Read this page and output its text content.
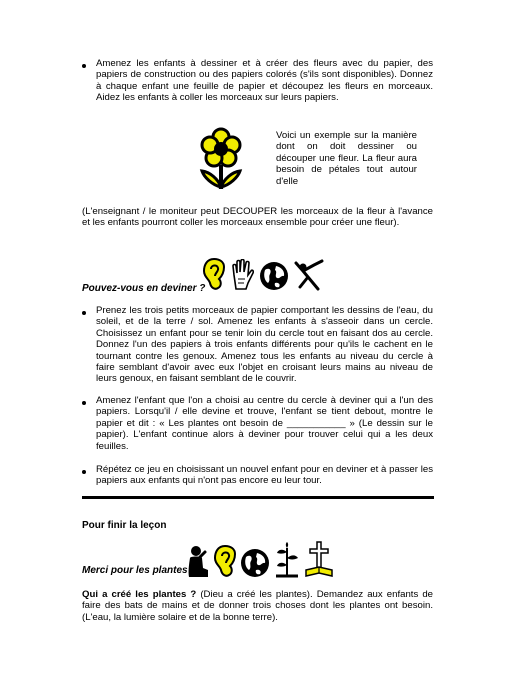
Amenez les enfants à dessiner et à créer des fleurs avec du papier, des papiers de construction ou des papiers colorés (s'ils sont disponibles). Donnez à chaque enfant une feuille de papier et découpez les fleurs en morceaux. Aidez les enfants à coller les morceaux sur leurs papiers.
Voici un exemple sur la manière dont on doit dessiner ou découper une fleur. La fleur aura besoin de pétales tout autour d'elle
(L'enseignant / le moniteur peut DECOUPER les morceaux de la fleur à l'avance et les enfants pourront coller les morceaux ensemble pour créer une fleur).
Pouvez-vous en deviner ?
Prenez les trois petits morceaux de papier comportant les dessins de l'eau, du soleil, et de la terre / sol. Amenez les enfants à s'asseoir dans un cercle. Choisissez un enfant pour se tenir loin du cercle tout en faisant dos au cercle. Donnez l'un des papiers à trois enfants différents pour qu'ils le cachent en le tournant contre les genoux. Amenez tous les enfants au niveau du cercle à faire semblant d'avoir avec eux l'objet en croisant leurs mains au niveau de leurs genoux, en faisant semblant de le couvrir.
Amenez l'enfant que l'on a choisi au centre du cercle à deviner qui a l'un des papiers. Lorsqu'il / elle devine et trouve, l'enfant se tient debout, montre le papier et dit : « Les plantes ont besoin de ___________ » (Le dessin sur le papier). L'enfant continue alors à deviner pour trouver celui qui a les deux feuilles.
Répétez ce jeu en choisissant un nouvel enfant pour en deviner et à passer les papiers aux enfants qui n'ont pas encore eu leur tour.
Pour finir la leçon
Merci pour les plantes
Qui a créé les plantes ? (Dieu a créé les plantes). Demandez aux enfants de faire des bats de mains et de donner trois choses dont les plantes ont besoin. (L'eau, la lumière solaire et de la bonne terre).
